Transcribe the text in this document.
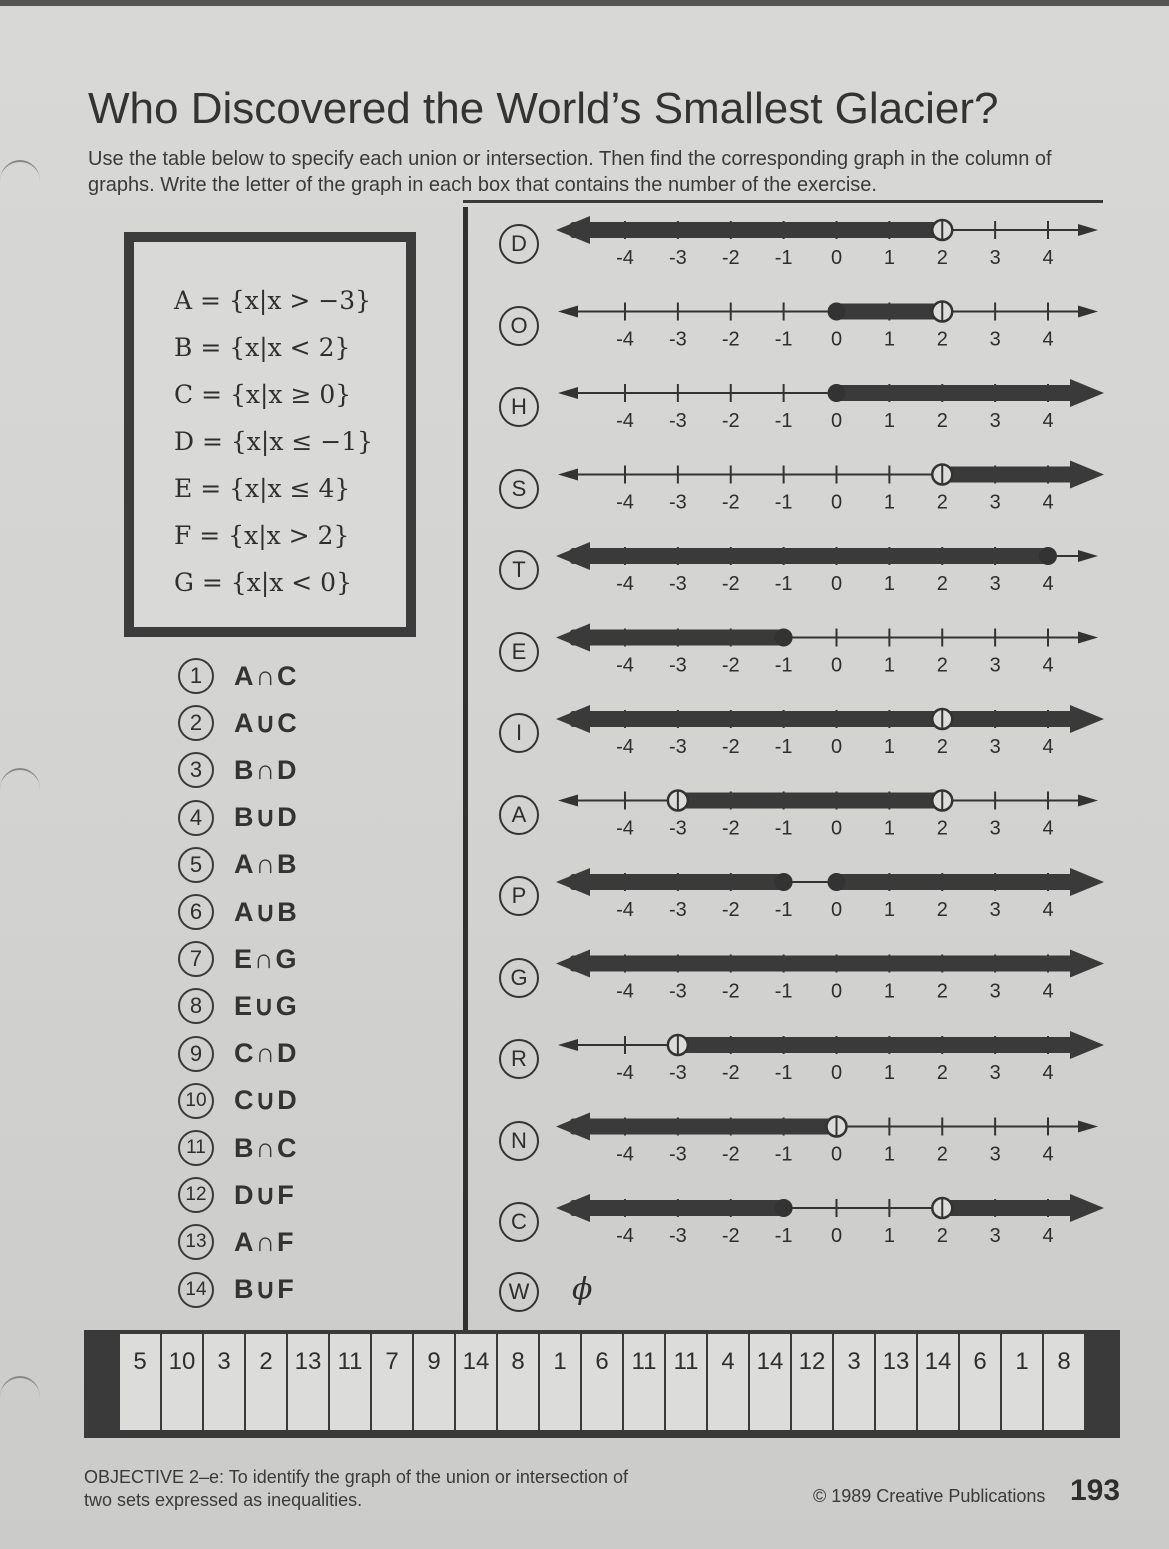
Who Discovered the World’s Smallest Glacier?
Use the table below to specify each union or intersection. Then find the corresponding graph in the column of graphs. Write the letter of the graph in each box that contains the number of the exercise.
A = {x|x > −3}
B = {x|x < 2}
C = {x|x ≥ 0}
D = {x|x ≤ −1}
E = {x|x ≤ 4}
F = {x|x > 2}
G = {x|x < 0}
1	A∩C
2	A∪C
3	B∩D
4	B∪D
5	A∩B
6	A∪B
7	E∩G
8	E∪G
9	C∩D
10 C∪D
11	B∩C
12 D∪F
13 A∩F
14 B∪F
D
O
H
S
T
E
I
A
P
G
R
N
C
-4 -3 -2 -1 0 1 2 3 4
-4 -3 -2 -1 0 1 2 3 4
-4 -3 -2 -1 0 1 2 3 4
-4 -3 -2 -1 0 1 2 3 4
-4 -3 -2 -1 0 1 2 3 4
-4 -3 -2 -1 0 1 2 3 4
-4 -3 -2 -1 0 1 2 3 4
-4 -3 -2 -1 0 1 2 3 4
-4 -3 -2 -1 0 1 2 3 4
-4 -3 -2 -1 0 1 2 3 4
-4 -3 -2 -1 0 1 2 3 4
-4 -3 -2 -1 0 1 2 3 4
-4 -3 -2 -1 0 1 2 3 4
W	ϕ
5 10 3	2 13 11 7	9 14 8	1	6 11 11 4 14 12 3 13 14 6	1	8
OBJECTIVE 2–e: To identify the graph of the union or intersection of two sets expressed as inequalities.	© 1989 Creative Publications 193
